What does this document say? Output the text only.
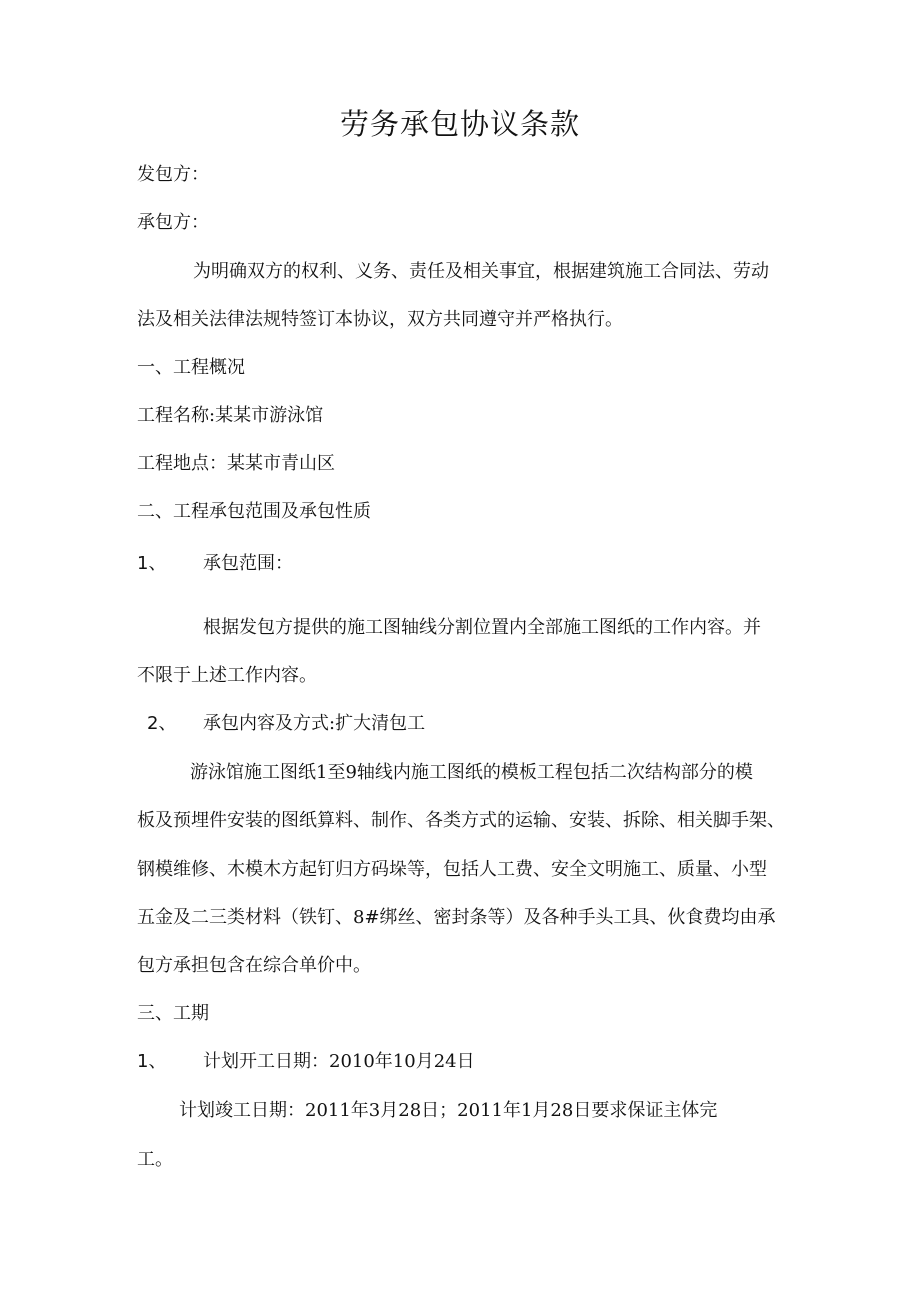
劳务承包协议条款
发包方：
承包方：
为明确双方的权利、义务、责任及相关事宜，根据建筑施工合同法、劳动
法及相关法律法规特签订本协议，双方共同遵守并严格执行。
一、工程概况
工程名称:某某市游泳馆
工程地点：某某市青山区
二、工程承包范围及承包性质
1、 承包范围：
根据发包方提供的施工图轴线分割位置内全部施工图纸的工作内容。并
不限于上述工作内容。
2、 承包内容及方式:扩大清包工
游泳馆施工图纸1至9轴线内施工图纸的模板工程包括二次结构部分的模
板及预埋件安装的图纸算料、制作、各类方式的运输、安装、拆除、相关脚手架、
钢模维修、木模木方起钉归方码垛等，包括人工费、安全文明施工、质量、小型
五金及二三类材料（铁钉、8#绑丝、密封条等）及各种手头工具、伙食费均由承
包方承担包含在综合单价中。
三、工期
1、 计划开工日期：2010年10月24日
计划竣工日期：2011年3月28日；2011年1月28日要求保证主体完
工。
